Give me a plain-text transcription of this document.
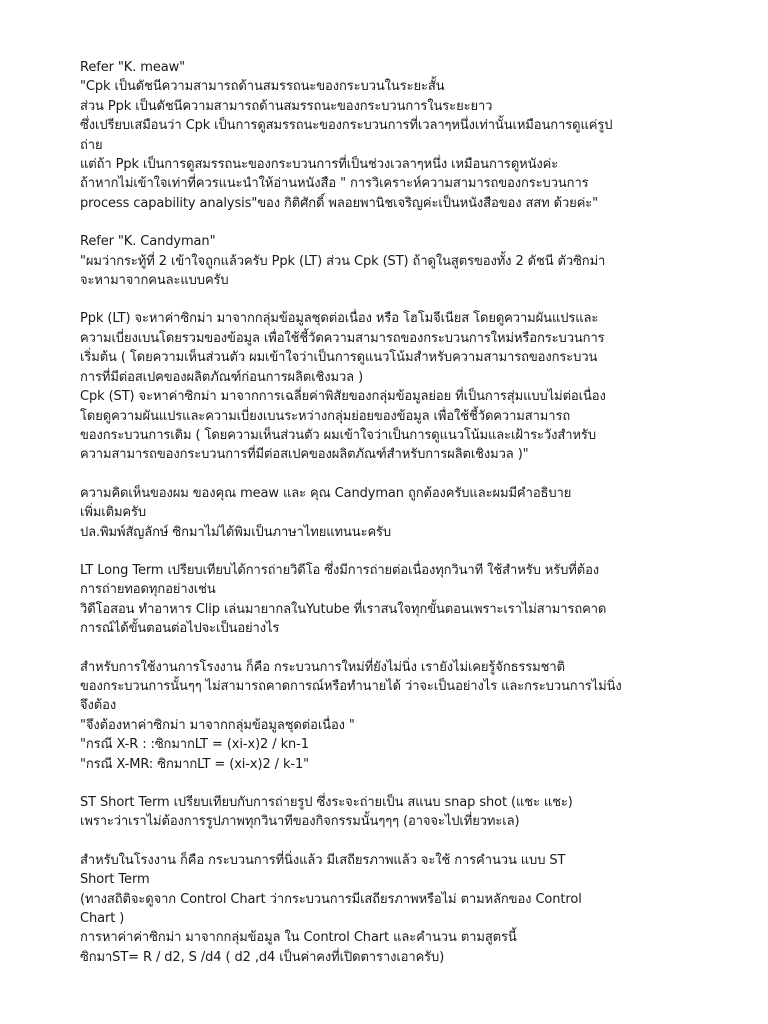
Refer "K. meaw"
"Cpk เป็นดัชนีความสามารถด้านสมรรถนะของกระบวนในระยะสั้น
ส่วน Ppk เป็นดัชนีความสามารถด้านสมรรถนะของกระบวนการในระยะยาว
ซึ่งเปรียบเสมือนว่า Cpk เป็นการดูสมรรถนะของกระบวนการที่เวลาๆหนึ่งเท่านั้นเหมือนการดูแค่รูป
ถ่าย
แต่ถ้า Ppk เป็นการดูสมรรถนะของกระบวนการที่เป็นช่วงเวลาๆหนึ่ง เหมือนการดูหนังค่ะ
ถ้าหากไม่เข้าใจเท่าที่ควรแนะนำให้อ่านหนังสือ " การวิเคราะห์ความสามารถของกระบวนการ
process capability analysis"ของ กิติศักดิ์ พลอยพานิชเจริญค่ะเป็นหนังสือของ สสท ด้วยค่ะ"
Refer "K. Candyman"
"ผมว่ากระทู้ที่ 2 เข้าใจถูกแล้วครับ Ppk (LT) ส่วน Cpk (ST) ถ้าดูในสูตรของทั้ง 2 ดัชนี ตัวซิกม่า
จะหามาจากคนละแบบครับ
Ppk (LT) จะหาค่าซิกม่า มาจากกลุ่มข้อมูลชุดต่อเนื่อง หรือ โฮโมจีเนียส โดยดูความผันแปรและ
ความเบี่ยงเบนโดยรวมของข้อมูล เพื่อใช้ชี้วัดความสามารถของกระบวนการใหม่หรือกระบวนการ
เริ่มต้น ( โดยความเห็นส่วนตัว ผมเข้าใจว่าเป็นการดูแนวโน้มสำหรับความสามารถของกระบวน
การที่มีต่อสเปคของผลิตภัณฑ์ก่อนการผลิตเชิงมวล )
Cpk (ST) จะหาค่าซิกม่า มาจากการเฉลี่ยค่าพิสัยของกลุ่มข้อมูลย่อย ที่เป็นการสุ่มแบบไม่ต่อเนื่อง
โดยดูความผันแปรและความเบี่ยงเบนระหว่างกลุ่มย่อยของข้อมูล เพื่อใช้ชี้วัดความสามารถ
ของกระบวนการเดิม ( โดยความเห็นส่วนตัว ผมเข้าใจว่าเป็นการดูแนวโน้มและเฝ้าระวังสำหรับ
ความสามารถของกระบวนการที่มีต่อสเปคของผลิตภัณฑ์สำหรับการผลิตเชิงมวล )"
ความคิดเห็นของผม ของคุณ meaw และ คุณ Candyman ถูกต้องครับและผมมีคำอธิบาย
เพิ่มเติมครับ
ปล.พิมพ์สัญลักษ์ ซิกมาไม่ได้พิมเป็นภาษาไทยแทนนะครับ
LT Long Term เปรียบเทียบได้การถ่ายวิดีโอ ซึ่งมีการถ่ายต่อเนื่องทุกวินาที ใช้สำหรับ หรับที่ต้อง
การถ่ายทอดทุกอย่างเช่น
วิดีโอสอน ทำอาหาร Clip เล่นมายากลในYutube ที่เราสนใจทุกขั้นตอนเพราะเราไม่สามารถคาด
การณ์ได้ขั้นตอนต่อไปจะเป็นอย่างไร
สำหรับการใช้งานการโรงงาน ก็คือ กระบวนการใหม่ที่ยังไม่นิ่ง เรายังไม่เคยรู้จักธรรมชาติ
ของกระบวนการนั้นๆๆ ไม่สามารถคาดการณ์หรือทำนายได้ ว่าจะเป็นอย่างไร และกระบวนการไม่นิ่ง
จึงต้อง
"จึงต้องหาค่าซิกม่า มาจากกลุ่มข้อมูลชุดต่อเนื่อง "
"กรณี X-R : :ซิกมากLT = (xi-x)2 / kn-1
"กรณี X-MR: ซิกมากLT = (xi-x)2 / k-1"
ST Short Term เปรียบเทียบกับการถ่ายรูป ซึ่งระจะถ่ายเป็น สแนบ snap shot (แชะ แชะ)
เพราะว่าเราไม่ต้องการรูปภาพทุกวินาทีของกิจกรรมนั้นๆๆๆ (อาจจะไปเที่ยวทะเล)
สำหรับในโรงงาน ก็คือ กระบวนการที่นิ่งแล้ว มีเสถียรภาพแล้ว จะใช้ การคำนวน แบบ ST
Short Term
(ทางสถิติจะดูจาก Control Chart ว่ากระบวนการมีเสถียรภาพหรือไม่ ตามหลักของ Control
Chart )
การหาค่าค่าซิกม่า มาจากกลุ่มข้อมูล ใน Control Chart และคำนวน ตามสูตรนี้
ซิกมาST= R / d2, S /d4 ( d2 ,d4 เป็นค่าคงที่เปิดตารางเอาครับ)
